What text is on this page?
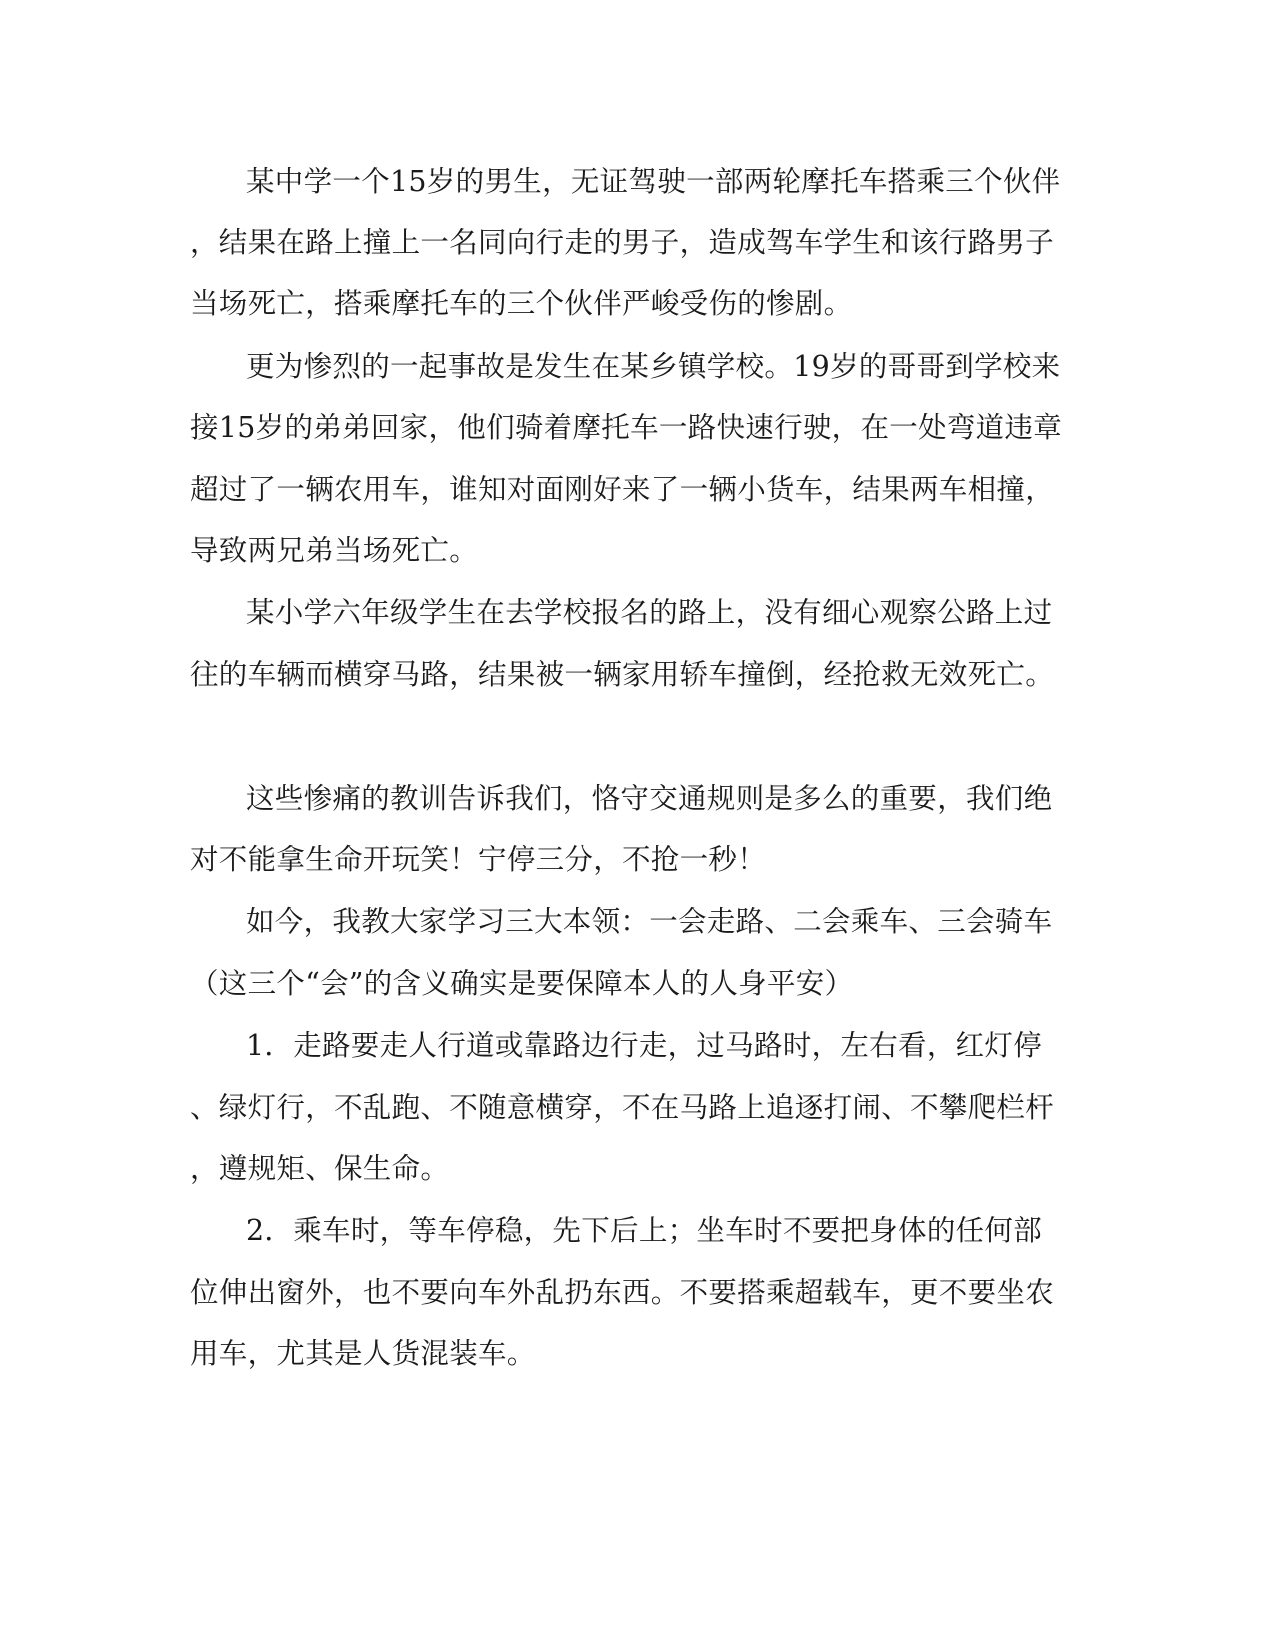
某中学一个15岁的男生，无证驾驶一部两轮摩托车搭乘三个伙伴
，结果在路上撞上一名同向行走的男子，造成驾车学生和该行路男子
当场死亡，搭乘摩托车的三个伙伴严峻受伤的惨剧。
更为惨烈的一起事故是发生在某乡镇学校。19岁的哥哥到学校来
接15岁的弟弟回家，他们骑着摩托车一路快速行驶，在一处弯道违章
超过了一辆农用车，谁知对面刚好来了一辆小货车，结果两车相撞，
导致两兄弟当场死亡。
某小学六年级学生在去学校报名的路上，没有细心观察公路上过
往的车辆而横穿马路，结果被一辆家用轿车撞倒，经抢救无效死亡。
这些惨痛的教训告诉我们，恪守交通规则是多么的重要，我们绝
对不能拿生命开玩笑！宁停三分，不抢一秒！
如今，我教大家学习三大本领：一会走路、二会乘车、三会骑车
（这三个“会”的含义确实是要保障本人的人身平安）
1．走路要走人行道或靠路边行走，过马路时，左右看，红灯停
、绿灯行，不乱跑、不随意横穿，不在马路上追逐打闹、不攀爬栏杆
，遵规矩、保生命。
2．乘车时，等车停稳，先下后上；坐车时不要把身体的任何部
位伸出窗外，也不要向车外乱扔东西。不要搭乘超载车，更不要坐农
用车，尤其是人货混装车。
